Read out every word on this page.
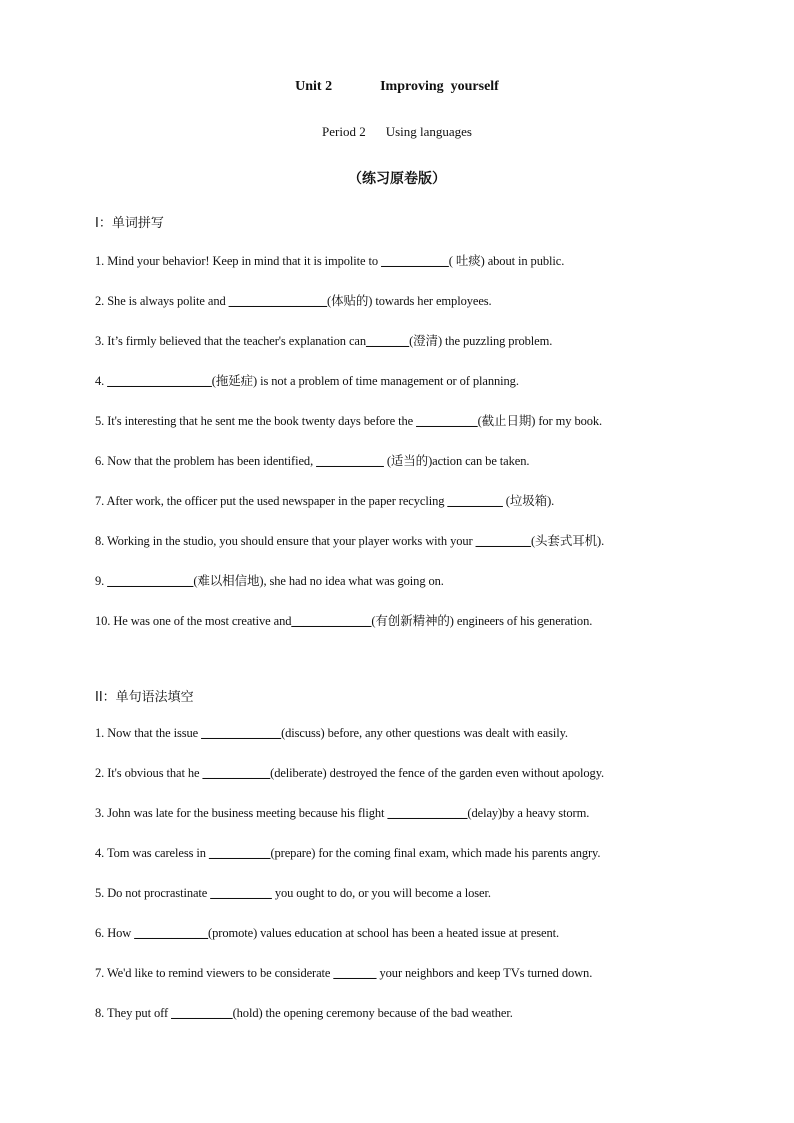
Unit 2	Improving  yourself
Period 2 Using languages
（练习原卷版）
I：单词拼写
1. Mind your behavior! Keep in mind that it is impolite to ___________( 吐痰) about in public.
2. She is always polite and ________________(体贴的) towards her employees.
3. It’s firmly believed that the teacher's explanation can_______(澄清) the puzzling problem.
4. _________________(拖延症) is not a problem of time management or of planning.
5. It's interesting that he sent me the book twenty days before the __________(截止日期) for my book.
6. Now that the problem has been identified, ___________ (适当的)action can be taken.
7. After work, the officer put the used newspaper in the paper recycling _________ (垃圾箱).
8. Working in the studio, you should ensure that your player works with your _________(头套式耳机).
9. ______________(难以相信地), she had no idea what was going on.
10. He was one of the most creative and_____________(有创新精神的) engineers of his generation.
II：单句语法填空
1. Now that the issue _____________(discuss) before, any other questions was dealt with easily.
2. It's obvious that he ___________(deliberate) destroyed the fence of the garden even without apology.
3. John was late for the business meeting because his flight _____________(delay)by a heavy storm.
4. Tom was careless in __________(prepare) for the coming final exam, which made his parents angry.
5. Do not procrastinate __________ you ought to do, or you will become a loser.
6. How ____________(promote) values education at school has been a heated issue at present.
7. We'd like to remind viewers to be considerate _______ your neighbors and keep TVs turned down.
8. They put off __________(hold) the opening ceremony because of the bad weather.
